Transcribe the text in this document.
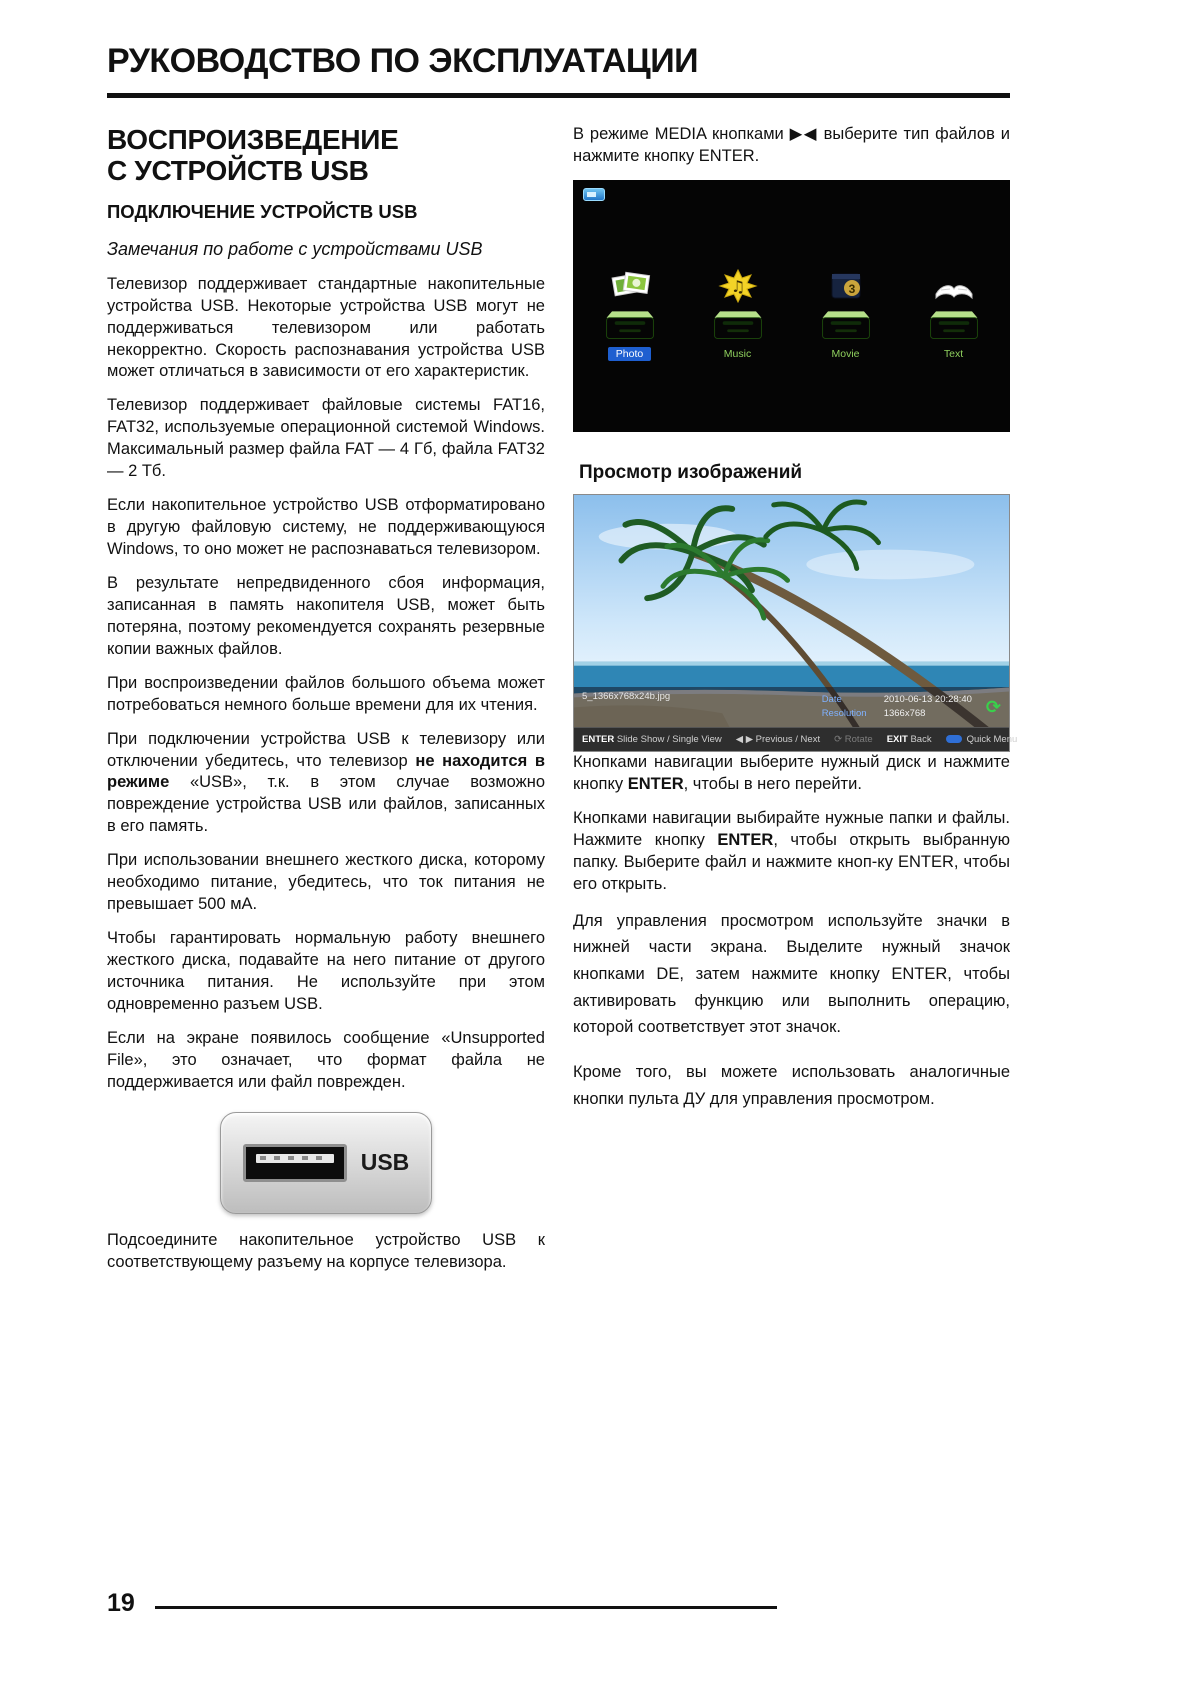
РУКОВОДСТВО ПО ЭКСПЛУАТАЦИИ
ВОСПРОИЗВЕДЕНИЕ
С УСТРОЙСТВ USB
ПОДКЛЮЧЕНИЕ УСТРОЙСТВ USB
Замечания по работе с устройствами USB

Телевизор поддерживает стандартные накопительные устройства USB. Некоторые устройства USB могут не поддерживаться телевизором или работать некорректно. Скорость распознавания устройства USB может отличаться в зависимости от его характеристик.

Телевизор поддерживает файловые системы FAT16, FAT32, используемые операционной системой Windows. Максимальный размер файла FAT — 4 Гб, файла FAT32 — 2 Тб.

Если накопительное устройство USB отформатировано в другую файловую систему, не поддерживающуюся Windows, то оно может не распознаваться телевизором.

В результате непредвиденного сбоя информация, записанная в память накопителя USB, может быть потеряна, поэтому рекомендуется сохранять резервные копии важных файлов.

При воспроизведении файлов большого объема может потребоваться немного больше времени для их чтения.

При подключении устройства USB к телевизору или отключении убедитесь, что телевизор не находится в режиме «USB», т.к. в этом случае возможно повреждение устройства USB или файлов, записанных в его память.

При использовании внешнего жесткого диска, которому необходимо питание, убедитесь, что ток питания не превышает 500 мА.

Чтобы гарантировать нормальную работу внешнего жесткого диска, подавайте на него питание от другого источника питания. Не используйте при этом одновременно разъем USB.

Если на экране появилось сообщение «Unsupported File», это означает, что формат файла не поддерживается или файл поврежден.

USB

Подсоедините накопительное устройство USB к соответствующему разъему на корпусе телевизора.

В режиме MEDIA кнопками ▶◀ выберите тип файлов и нажмите кнопку ENTER.

Photo
♫
Music
3
Movie	Text
Просмотр изображений
5_1366x768x24b.jpg	Date	2010-06-13 20:28:40
Resolution	1366x768	⟳
ENTER Slide Show / Single View ◀ ▶ Previous / Next ⟳ Rotate EXIT Back	Quick Menu

Кнопками навигации выберите нужный диск и нажмите кнопку ENTER, чтобы в него перейти.

Кнопками навигации выбирайте нужные папки и файлы. Нажмите кнопку ENTER, чтобы открыть выбранную папку. Выберите файл и нажмите кноп-ку ENTER, чтобы его открыть.

Для управления просмотром используйте значки в нижней части экрана. Выделите нужный значок кнопками DE, затем нажмите кнопку ENTER, чтобы активировать функцию или выполнить операцию, которой соответствует этот значок.

Кроме того, вы можете использовать аналогичные кнопки пульта ДУ для управления просмотром.

19
